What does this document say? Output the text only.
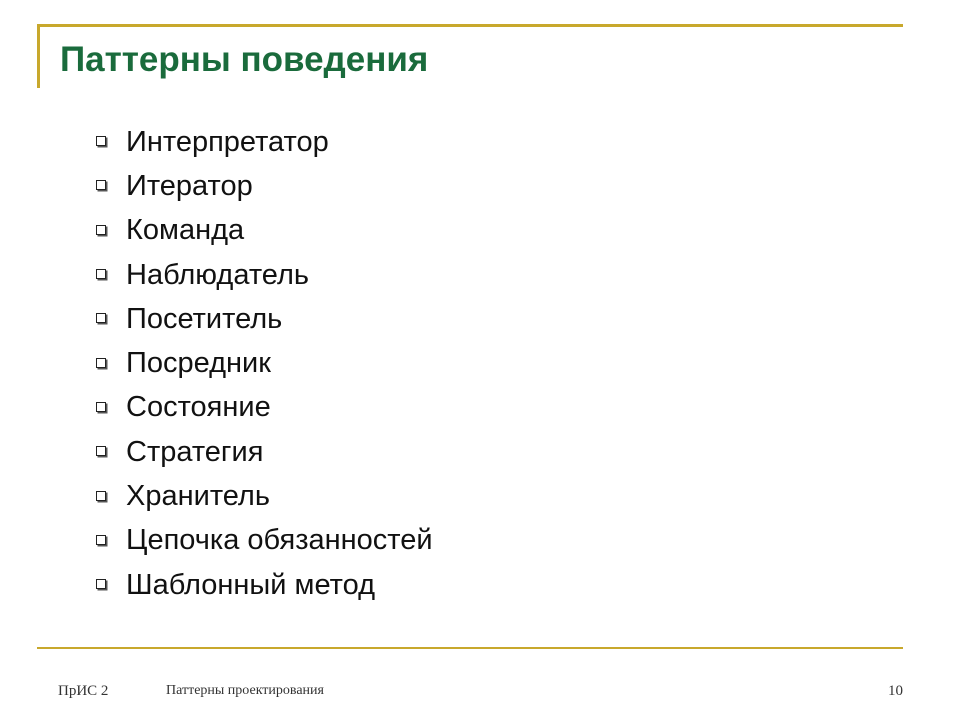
Паттерны поведения
Интерпретатор
Итератор
Команда
Наблюдатель
Посетитель
Посредник
Состояние
Стратегия
Хранитель
Цепочка обязанностей
Шаблонный метод
ПрИС 2	Паттерны проектирования	10
